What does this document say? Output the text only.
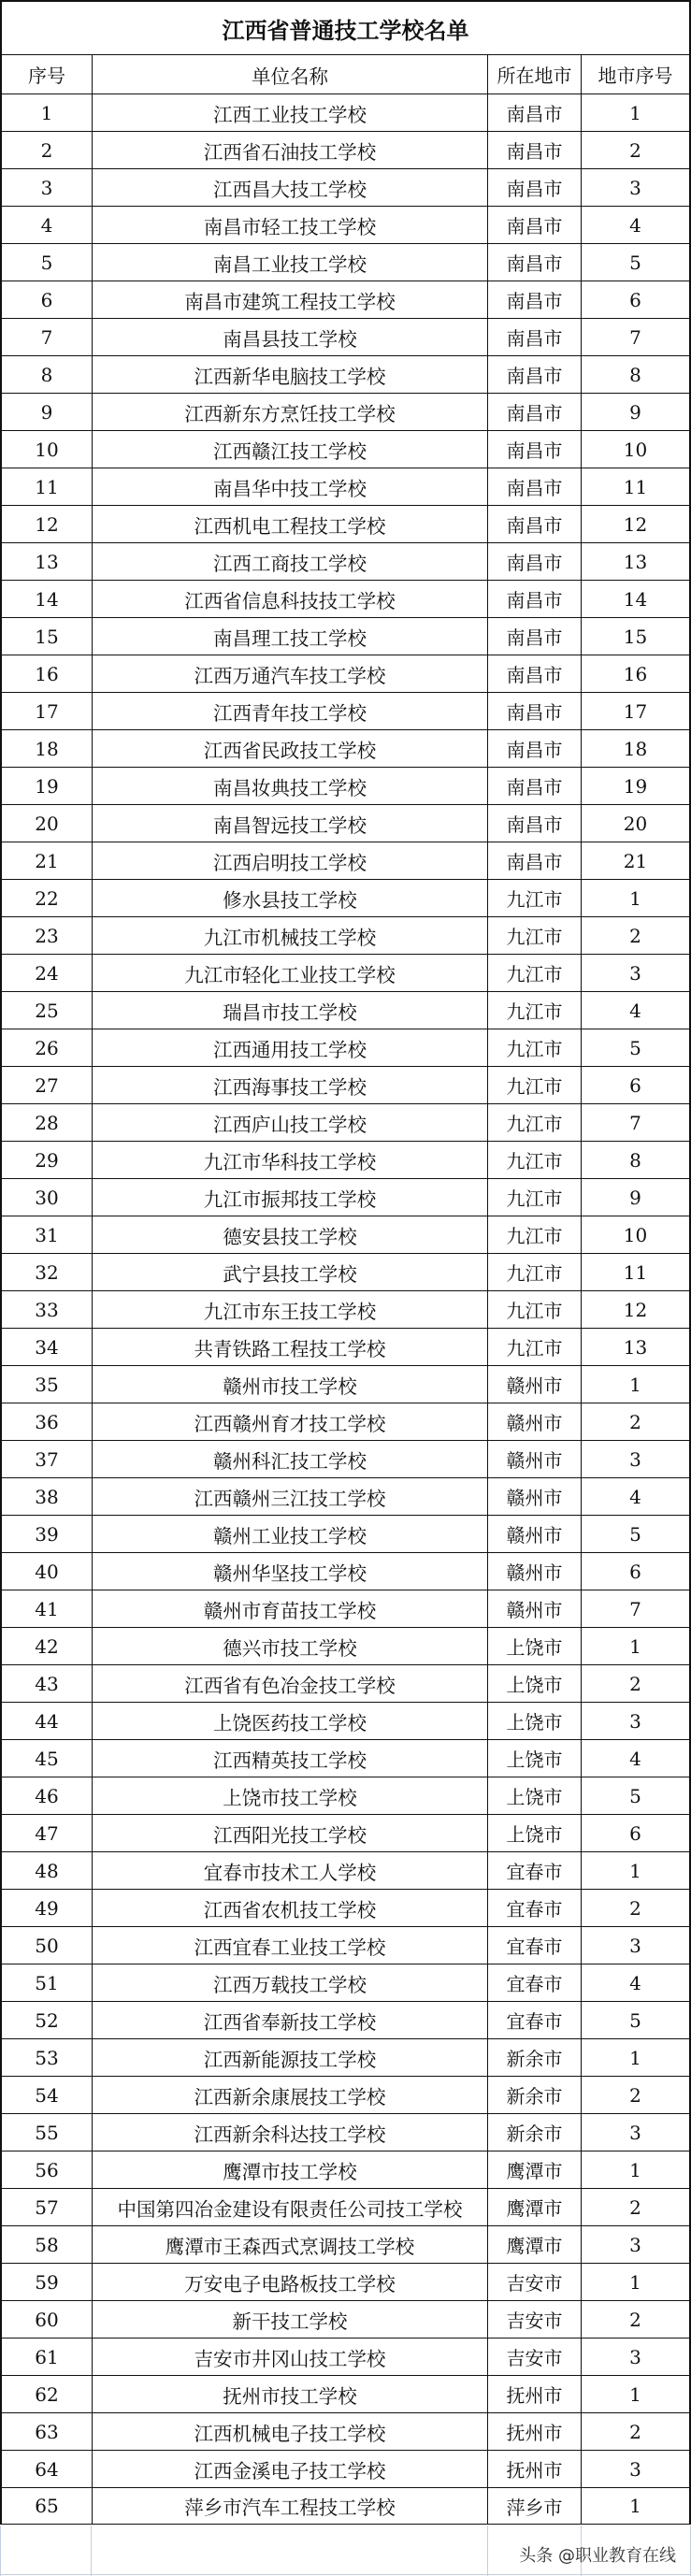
江西省普通技工学校名单
序号	单位名称	所在地市	地市序号
1	江西工业技工学校	南昌市	1
2	江西省石油技工学校	南昌市	2
3	江西昌大技工学校	南昌市	3
4	南昌市轻工技工学校	南昌市	4
5	南昌工业技工学校	南昌市	5
6	南昌市建筑工程技工学校	南昌市	6
7	南昌县技工学校	南昌市	7
8	江西新华电脑技工学校	南昌市	8
9	江西新东方烹饪技工学校	南昌市	9
10	江西赣江技工学校	南昌市	10
11	南昌华中技工学校	南昌市	11
12	江西机电工程技工学校	南昌市	12
13	江西工商技工学校	南昌市	13
14	江西省信息科技技工学校	南昌市	14
15	南昌理工技工学校	南昌市	15
16	江西万通汽车技工学校	南昌市	16
17	江西青年技工学校	南昌市	17
18	江西省民政技工学校	南昌市	18
19	南昌妆典技工学校	南昌市	19
20	南昌智远技工学校	南昌市	20
21	江西启明技工学校	南昌市	21
22	修水县技工学校	九江市	1
23	九江市机械技工学校	九江市	2
24	九江市轻化工业技工学校	九江市	3
25	瑞昌市技工学校	九江市	4
26	江西通用技工学校	九江市	5
27	江西海事技工学校	九江市	6
28	江西庐山技工学校	九江市	7
29	九江市华科技工学校	九江市	8
30	九江市振邦技工学校	九江市	9
31	德安县技工学校	九江市	10
32	武宁县技工学校	九江市	11
33	九江市东王技工学校	九江市	12
34	共青铁路工程技工学校	九江市	13
35	赣州市技工学校	赣州市	1
36	江西赣州育才技工学校	赣州市	2
37	赣州科汇技工学校	赣州市	3
38	江西赣州三江技工学校	赣州市	4
39	赣州工业技工学校	赣州市	5
40	赣州华坚技工学校	赣州市	6
41	赣州市育苗技工学校	赣州市	7
42	德兴市技工学校	上饶市	1
43	江西省有色冶金技工学校	上饶市	2
44	上饶医药技工学校	上饶市	3
45	江西精英技工学校	上饶市	4
46	上饶市技工学校	上饶市	5
47	江西阳光技工学校	上饶市	6
48	宜春市技术工人学校	宜春市	1
49	江西省农机技工学校	宜春市	2
50	江西宜春工业技工学校	宜春市	3
51	江西万载技工学校	宜春市	4
52	江西省奉新技工学校	宜春市	5
53	江西新能源技工学校	新余市	1
54	江西新余康展技工学校	新余市	2
55	江西新余科达技工学校	新余市	3
56	鹰潭市技工学校	鹰潭市	1
57	中国第四冶金建设有限责任公司技工学校	鹰潭市	2
58	鹰潭市王森西式烹调技工学校	鹰潭市	3
59	万安电子电路板技工学校	吉安市	1
60	新干技工学校	吉安市	2
61	吉安市井冈山技工学校	吉安市	3
62	抚州市技工学校	抚州市	1
63	江西机械电子技工学校	抚州市	2
64	江西金溪电子技工学校	抚州市	3
65	萍乡市汽车工程技工学校	萍乡市	1
头条 @职业教育在线
